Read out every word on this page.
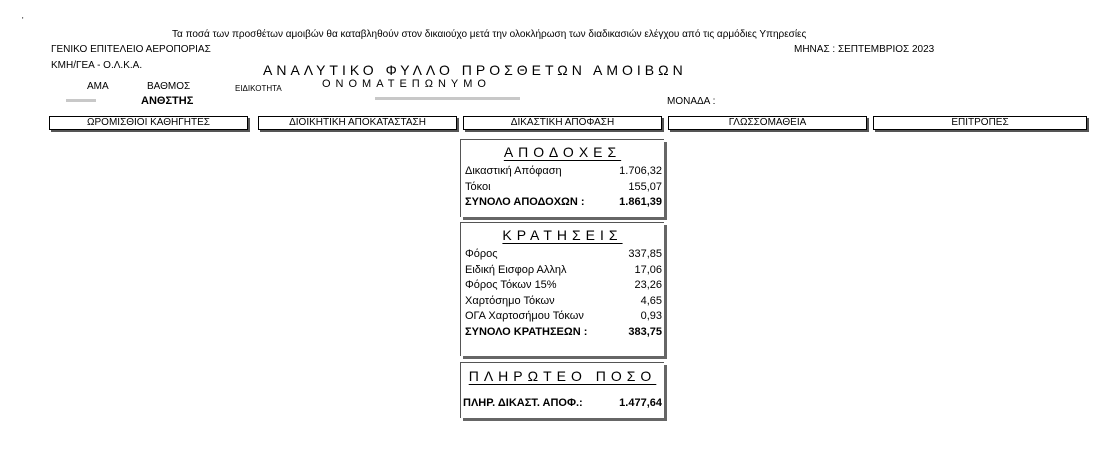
'
Τα ποσά των προσθέτων αμοιβών θα καταβληθούν στον δικαιούχο μετά την ολοκλήρωση των διαδικασιών ελέγχου από τις αρμόδιες Υπηρεσίες
ΓΕΝΙΚΟ ΕΠΙΤΕΛΕΙΟ ΑΕΡΟΠΟΡΙΑΣ	ΜΗΝΑΣ : ΣΕΠΤΕΜΒΡΙΟΣ 2023
ΚΜΗ/ΓΕΑ - Ο.Λ.Κ.Α.	ΑΝΑΛΥΤΙΚΟ ΦΥΛΛΟ ΠΡΟΣΘΕΤΩΝ ΑΜΟΙΒΩΝ
ΟΝΟΜΑΤΕΠΩΝΥΜΟ
ΑΜΑ	ΒΑΘΜΟΣ	ΕΙΔΙΚΟΤΗΤΑ
ΑΝΘΣΤΗΣ	ΜΟΝΑΔΑ :
ΩΡΟΜΙΣΘΙΟΙ ΚΑΘΗΓΗΤΕΣ	ΔΙΟΙΚΗΤΙΚΗ ΑΠΟΚΑΤΑΣΤΑΣΗ	ΔΙΚΑΣΤΙΚΗ ΑΠΟΦΑΣΗ	ΓΛΩΣΣΟΜΑΘΕΙΑ	ΕΠΙΤΡΟΠΕΣ
ΑΠΟΔΟΧΕΣ
Δικαστική Απόφαση	1.706,32
Τόκοι	155,07
ΣΥΝΟΛΟ ΑΠΟΔΟΧΩΝ :	1.861,39
ΚΡΑΤΗΣΕΙΣ
Φόρος	337,85
Ειδική Εισφορ Αλληλ	17,06
Φόρος Τόκων 15%	23,26
Χαρτόσημο Τόκων	4,65
ΟΓΑ Χαρτοσήμου Τόκων	0,93
ΣΥΝΟΛΟ ΚΡΑΤΗΣΕΩΝ :	383,75
ΠΛΗΡΩΤΕΟ ΠΟΣΟ
ΠΛΗΡ. ΔΙΚΑΣΤ. ΑΠΟΦ.:	1.477,64
